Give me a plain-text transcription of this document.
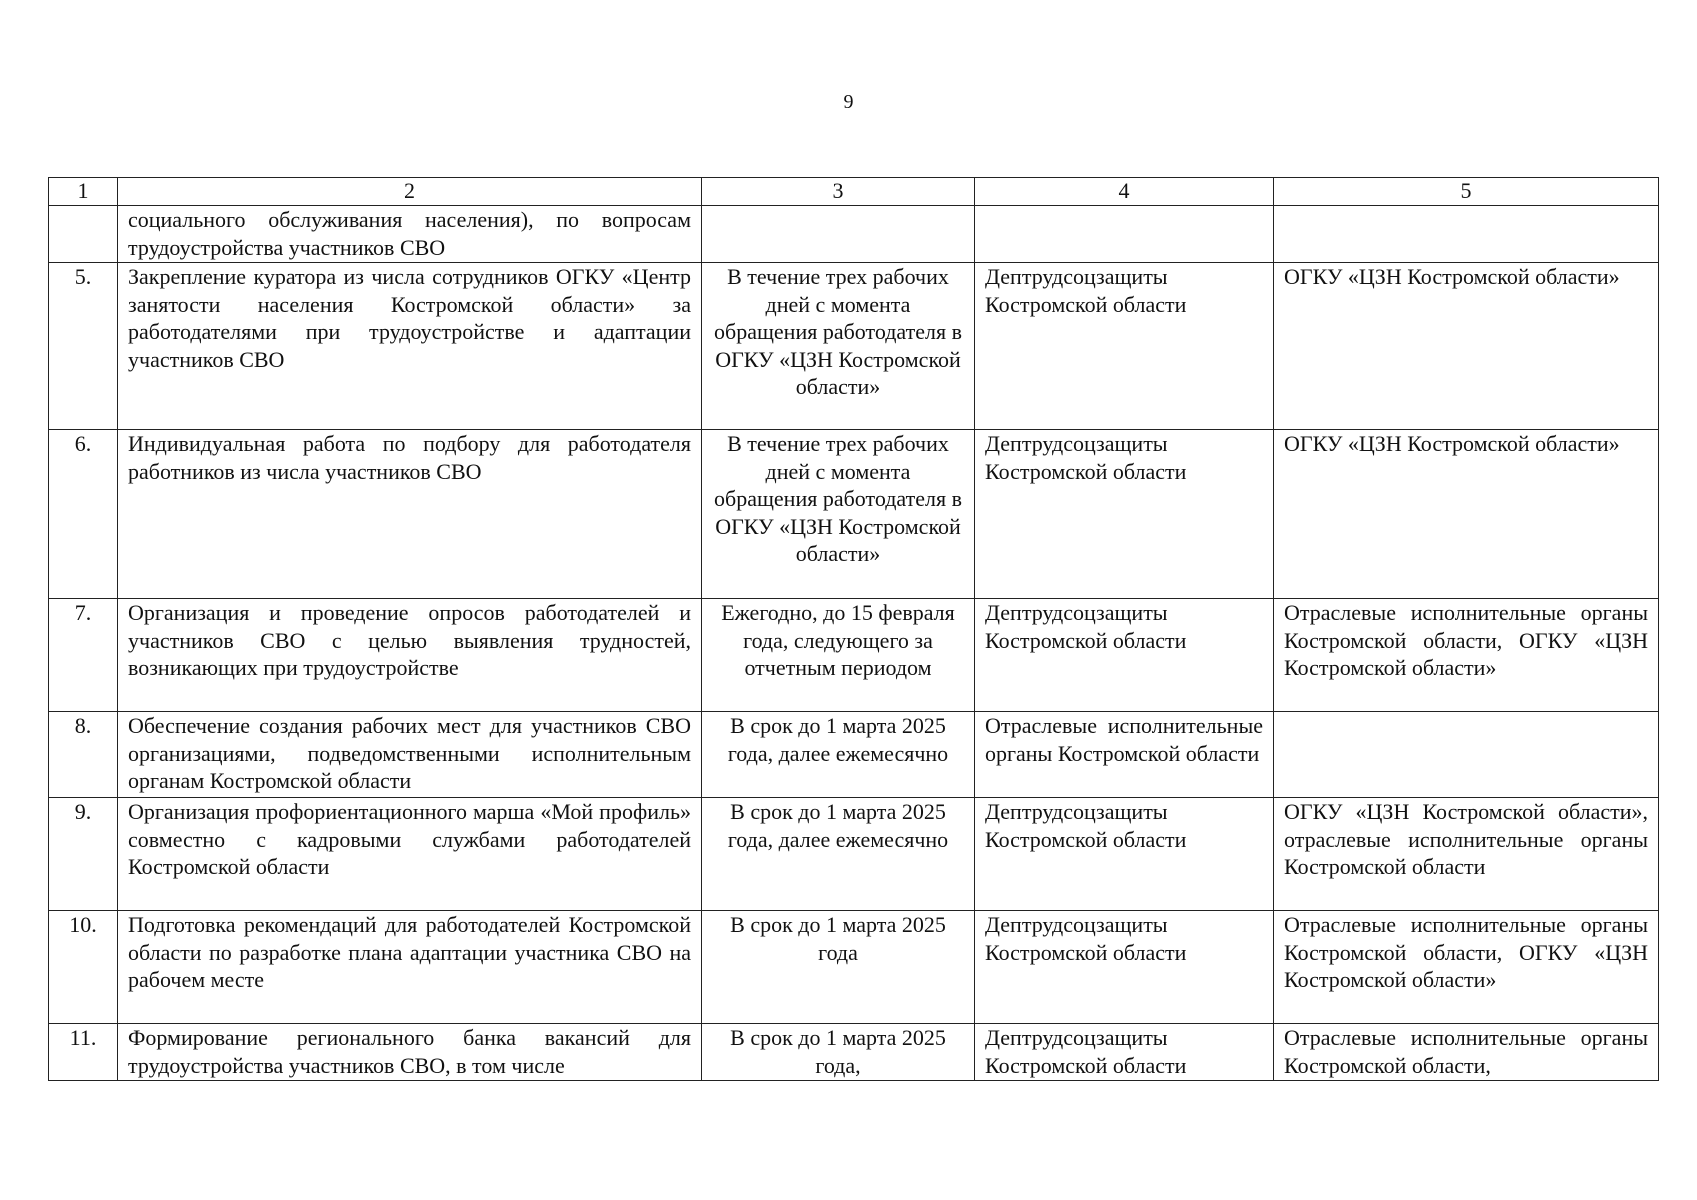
9
1	2	3	4	5
	социального обслуживания населения), по вопросам трудоустройства участников СВО			
5.	Закрепление куратора из числа сотрудников ОГКУ «Центр занятости населения Костромской области» за работодателями при трудоустройстве и адаптации участников СВО	В течение трех рабочих дней с момента обращения работодателя в ОГКУ «ЦЗН Костромской области»	Дептрудсоцзащиты Костромской области	ОГКУ «ЦЗН Костромской области»
6.	Индивидуальная работа по подбору для работодателя работников из числа участников СВО	В течение трех рабочих дней с момента обращения работодателя в ОГКУ «ЦЗН Костромской области»	Дептрудсоцзащиты Костромской области	ОГКУ «ЦЗН Костромской области»
7.	Организация и проведение опросов работодателей и участников СВО с целью выявления трудностей, возникающих при трудоустройстве	Ежегодно, до 15 февраля года, следующего за отчетным периодом	Дептрудсоцзащиты Костромской области	Отраслевые исполнительные органы Костромской области, ОГКУ «ЦЗН Костромской области»
8.	Обеспечение создания рабочих мест для участников СВО организациями, подведомственными исполнительным органам Костромской области	В срок до 1 марта 2025 года, далее ежемесячно	Отраслевые исполнительные органы Костромской области	
9.	Организация профориентационного марша «Мой профиль» совместно с кадровыми службами работодателей Костромской области	В срок до 1 марта 2025 года, далее ежемесячно	Дептрудсоцзащиты Костромской области	ОГКУ «ЦЗН Костромской области», отраслевые исполнительные органы Костромской области
10.	Подготовка рекомендаций для работодателей Костромской области по разработке плана адаптации участника СВО на рабочем месте	В срок до 1 марта 2025 года	Дептрудсоцзащиты Костромской области	Отраслевые исполнительные органы Костромской области, ОГКУ «ЦЗН Костромской области»
11.	Формирование регионального банка вакансий для трудоустройства участников СВО, в том числе	В срок до 1 марта 2025 года,	Дептрудсоцзащиты Костромской области	Отраслевые исполнительные органы Костромской области,
